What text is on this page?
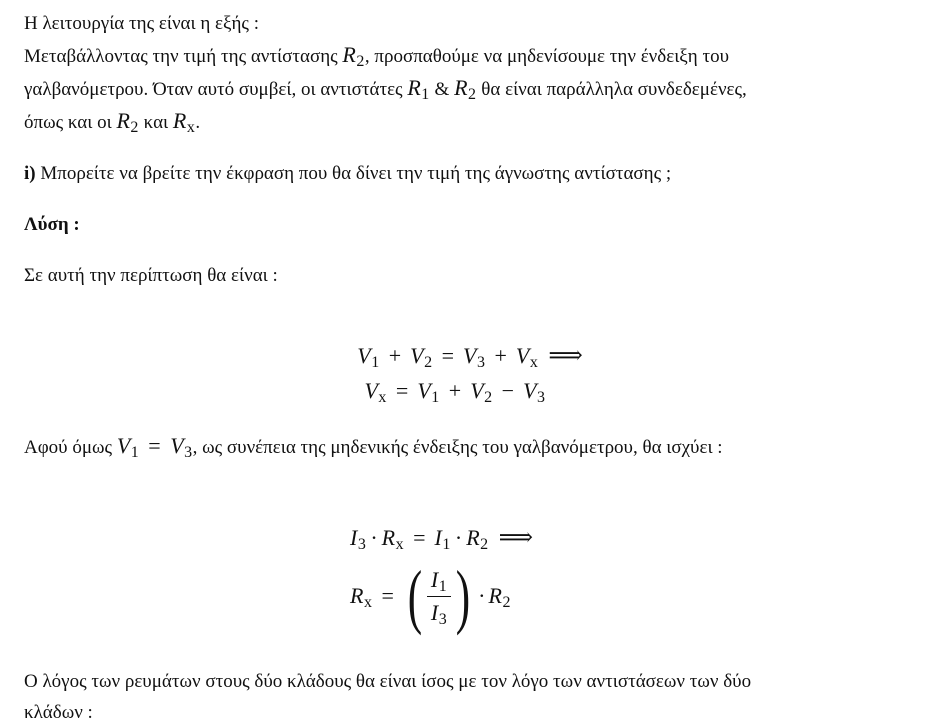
Η λειτουργία της είναι η εξής :

Μεταβάλλοντας την τιμή της αντίστασης $R_2$, προσπαθούμε να μηδενίσουμε την ένδειξη του

γαλβανόμετρου. Όταν αυτό συμβεί, οι αντιστάτες $R_1$ & $R_2$ θα είναι παράλληλα συνδεδεμένες,

όπως και οι $R_2$ και $R_x$.

i) Μπορείτε να βρείτε την έκφραση που θα δίνει την τιμή της άγνωστης αντίστασης ;

Λύση :

Σε αυτή την περίπτωση θα είναι :

$V_1 + V_2 = V_3 + V_x$ ⟹
$V_x = V_1 + V_2 - V_3$

Αφού όμως $V_1 = V_3$, ως συνέπεια της μηδενικής ένδειξης του γαλβανόμετρου, θα ισχύει :

$I_3 \cdot R_x = I_1 \cdot R_2$ ⟹
$R_x$ = ( $\frac{I_1}{I_3}$ ) · $R_2$

Ο λόγος των ρευμάτων στους δύο κλάδους θα είναι ίσος με τον λόγο των αντιστάσεων των δύο

κλάδων :
